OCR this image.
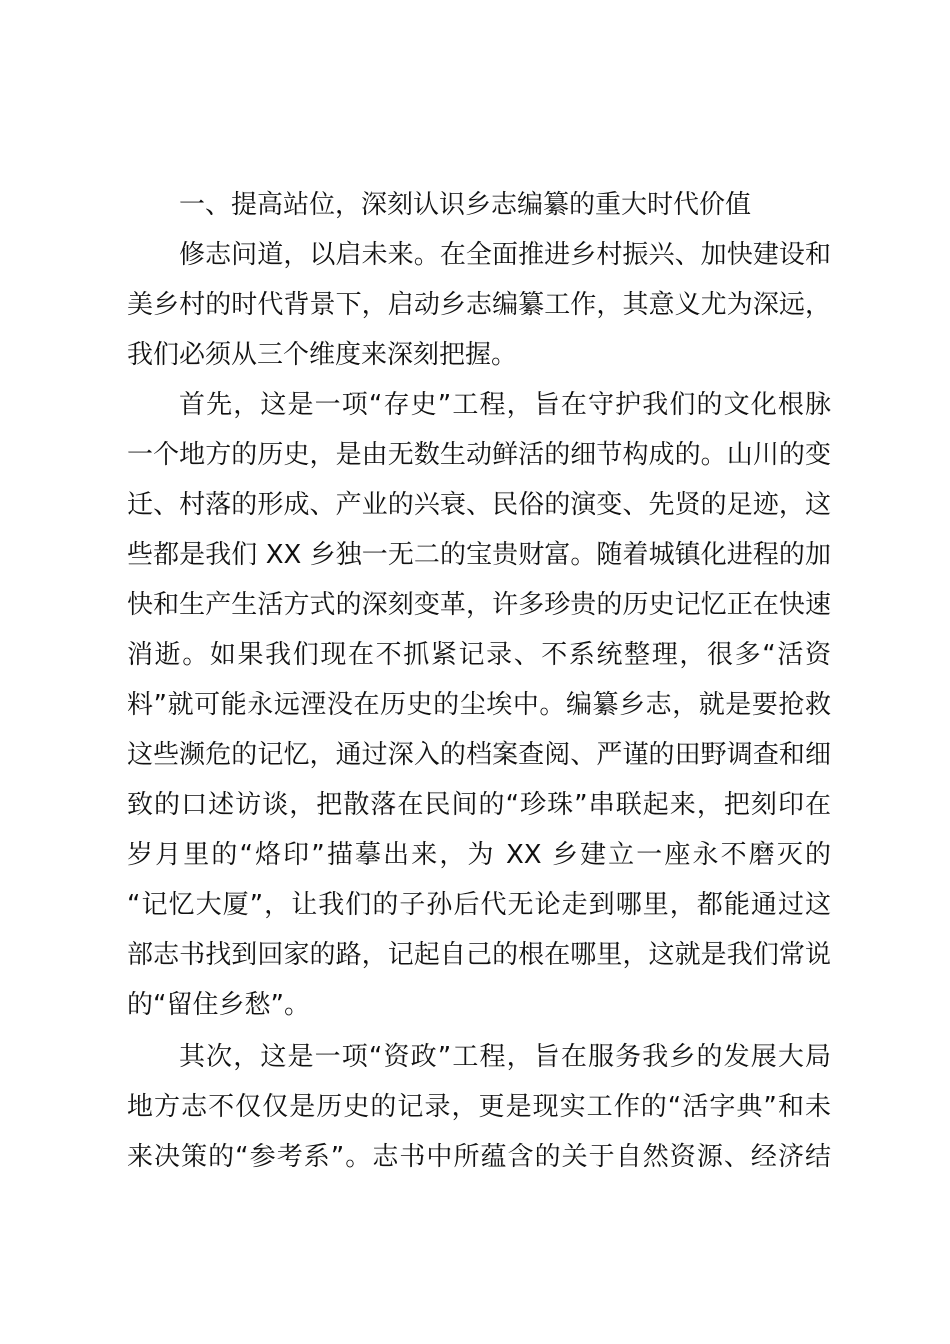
一、提高站位，深刻认识乡志编纂的重大时代价值
修志问道，以启未来。在全面推进乡村振兴、加快建设和
美乡村的时代背景下，启动乡志编纂工作，其意义尤为深远，
我们必须从三个维度来深刻把握。
首先，这是一项“存史”工程，旨在守护我们的文化根脉
一个地方的历史，是由无数生动鲜活的细节构成的。山川的变
迁、村落的形成、产业的兴衰、民俗的演变、先贤的足迹，这
些都是我们 XX 乡独一无二的宝贵财富。随着城镇化进程的加
快和生产生活方式的深刻变革，许多珍贵的历史记忆正在快速
消逝。如果我们现在不抓紧记录、不系统整理，很多“活资
料”就可能永远湮没在历史的尘埃中。编纂乡志，就是要抢救
这些濒危的记忆，通过深入的档案查阅、严谨的田野调查和细
致的口述访谈，把散落在民间的“珍珠”串联起来，把刻印在
岁月里的“烙印”描摹出来，为 XX 乡建立一座永不磨灭的
“记忆大厦”，让我们的子孙后代无论走到哪里，都能通过这
部志书找到回家的路，记起自己的根在哪里，这就是我们常说
的“留住乡愁”。
其次，这是一项“资政”工程，旨在服务我乡的发展大局
地方志不仅仅是历史的记录，更是现实工作的“活字典”和未
来决策的“参考系”。志书中所蕴含的关于自然资源、经济结
